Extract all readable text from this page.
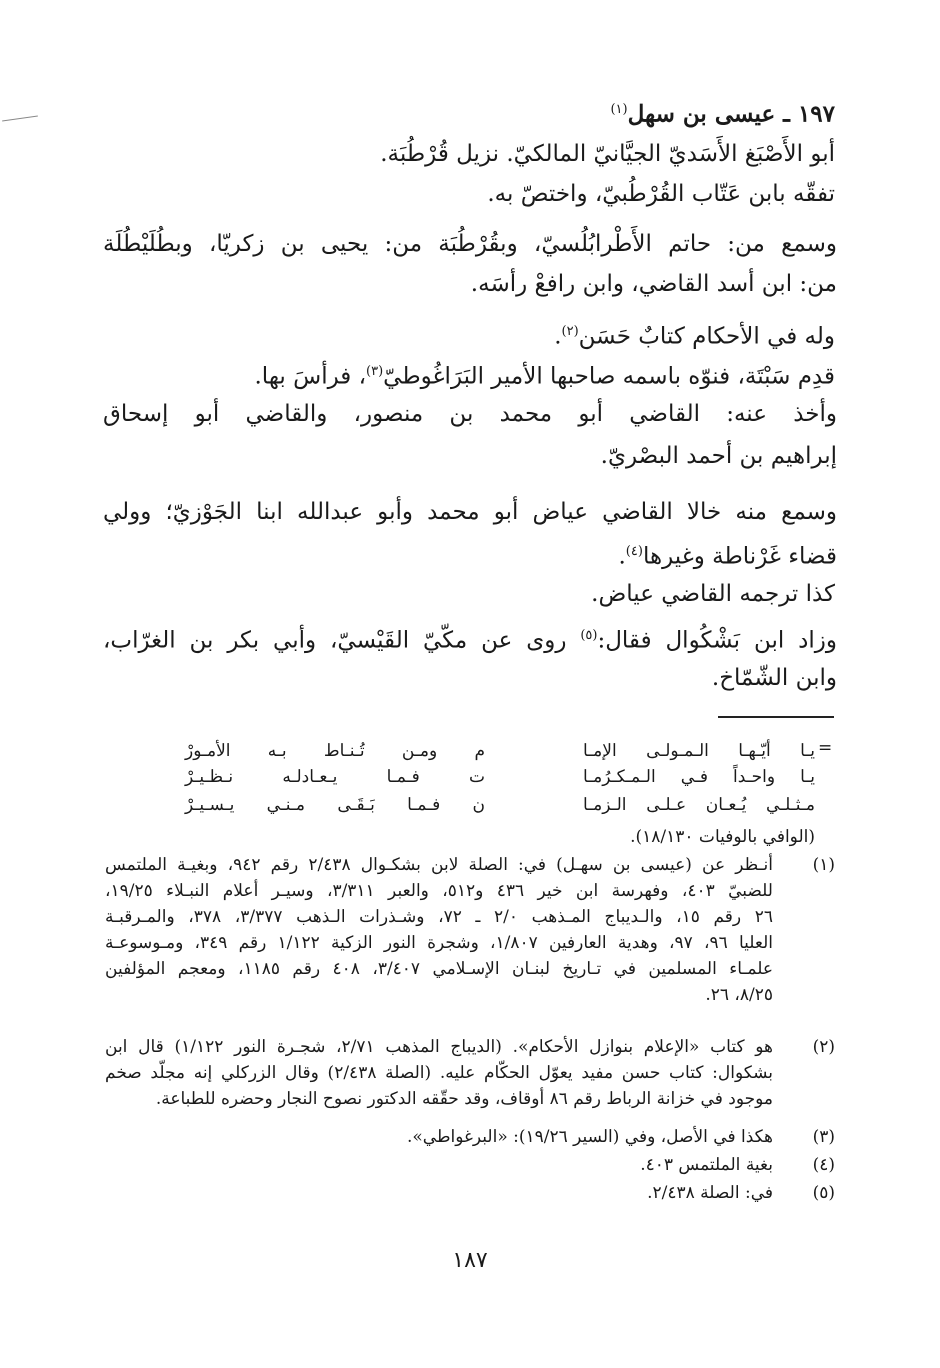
١٩٧ ـ عيسى بن سهل$^{(١)}$
أبو الأَصْبَغ الأَسَديّ الجيَّانيّ المالكيّ. نزيل قُرْطُبَة.
تفقّه بابن عَتّاب القُرْطُبيّ، واختصّ به.
وسمع من: حاتم الأَطْرابُلُسيّ، وبقُرْطُبَة من: يحيى بن زكريّا، وبطُلَيْطُلَة
من: ابن أسد القاضي، وابن رافعْ رأسَه.
وله في الأحكام كتابٌ حَسَن$^{(٢)}$.
قدِم سَبْتَة، فنوّه باسمه صاحبها الأمير البَرَاغُوطيّ$^{(٣)}$، فرأسَ بها.
وأخذ عنه: القاضي أبو محمد بن منصور، والقاضي أبو إسحاق
إبراهيم بن أحمد البصْريّ.
وسمع منه خالا القاضي عياض أبو محمد وأبو عبدالله ابنا الجَوْزيّ؛ وولي
قضاء غَرْناطة وغيرها$^{(٤)}$.
كذا ترجمه القاضي عياض.
وزاد ابن بَشْكُوال فقال:$^{(٥)}$‎‏ روى عن مكّيّ القَيْسيّ، وأبي بكر بن الغرّاب،
وابن الشّمّاخ.
=
يـا أيّـهـا الـمـولـى الإمـا
م ومـن تُـنـاط بـه الأمـورْ
يـا واحـداً فـي الـمـكـرُمـا
ت فـمـا يـعـادلـه نـظـيـرْ
مـثـلـي يُـعـان عـلـى الـزمـا
ن فـمـا بَـقَـى مـنـي يـسـيـرْ
(الوافي بالوفيات ١٨/١٣٠).
(١)
أنـظر عن (عيسى بن سهـل) في: الصلة لابن بشكـوال ٢/٤٣٨ رقم ٩٤٢، وبغيـة الملتمس
للضبيّ ٤٠٣، وفهرسة ابن خير ٤٣٦ و٥١٢، والعبر ٣/٣١١، وسيـر أعلام النبـلاء ١٩/٢٥،
٢٦ رقم ١٥، والـديباج المـذهب ٢/٠ ـ ٧٢، وشـذرات الـذهب ٣/٣٧٧، ٣٧٨، والمـرقبـة
العليا ٩٦، ٩٧، وهدية العارفين ١/٨٠٧، وشجرة النور الزكية ١/١٢٢ رقم ٣٤٩، ومـوسوعـة
علمـاء المسلمين في تـاريخ لبنـان الإسـلامي ٣/٤٠٧، ٤٠٨ رقم ١١٨٥، ومعجم المؤلفين
٨/٢٥، ٢٦.
(٢)
هو كتاب «الإعلام بنوازل الأحكام». (الديباج المذهب ٢/٧١، شجـرة النور ١/١٢٢) قال ابن
بشكوال: كتاب حسن مفيد يعوّل الحكّام عليه. (الصلة ٢/٤٣٨) وقال الزركلي إنه مجلّد صخم
موجود في خزانة الرباط رقم ٨٦ أوقاف، وقد حقّقه الدكتور نصوح النجار وحضره للطباعة.
(٣)
هكذا في الأصل، وفي (السير ١٩/٢٦): «البرغواطي».
(٤)
بغية الملتمس ٤٠٣.
(٥)
في: الصلة ٢/٤٣٨.
١٨٧
